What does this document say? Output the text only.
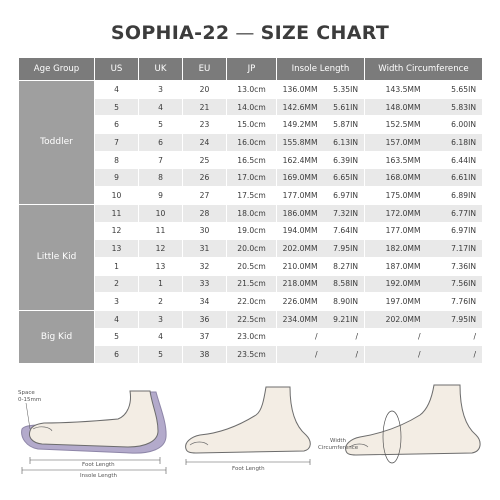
SOPHIA-22 — SIZE CHART
Age Group	US	UK	EU	JP	Insole Length	Width Circumference
Toddler	4	3	20	13.0cm	136.0MM 5.35IN	143.5MM 5.65IN
	5	4	21	14.0cm	142.6MM 5.61IN	148.0MM 5.83IN
	6	5	23	15.0cm	149.2MM 5.87IN	152.5MM 6.00IN
	7	6	24	16.0cm	155.8MM 6.13IN	157.0MM 6.18IN
	8	7	25	16.5cm	162.4MM 6.39IN	163.5MM 6.44IN
	9	8	26	17.0cm	169.0MM 6.65IN	168.0MM 6.61IN
	10	9	27	17.5cm	177.0MM 6.97IN	175.0MM 6.89IN
Little Kid	11	10	28	18.0cm	186.0MM 7.32IN	172.0MM 6.77IN
	12	11	30	19.0cm	194.0MM 7.64IN	177.0MM 6.97IN
	13	12	31	20.0cm	202.0MM 7.95IN	182.0MM 7.17IN
	1	13	32	20.5cm	210.0MM 8.27IN	187.0MM 7.36IN
	2	1	33	21.5cm	218.0MM 8.58IN	192.0MM 7.56IN
	3	2	34	22.0cm	226.0MM 8.90IN	197.0MM 7.76IN
Big Kid	4	3	36	22.5cm	234.0MM 9.21IN	202.0MM 7.95IN
	5	4	37	23.0cm	/ /	/ /
	6	5	38	23.5cm	/ /	/ /
Space
0-15mm
Foot Length
Insole Length
Foot Length
Width
Circumference
